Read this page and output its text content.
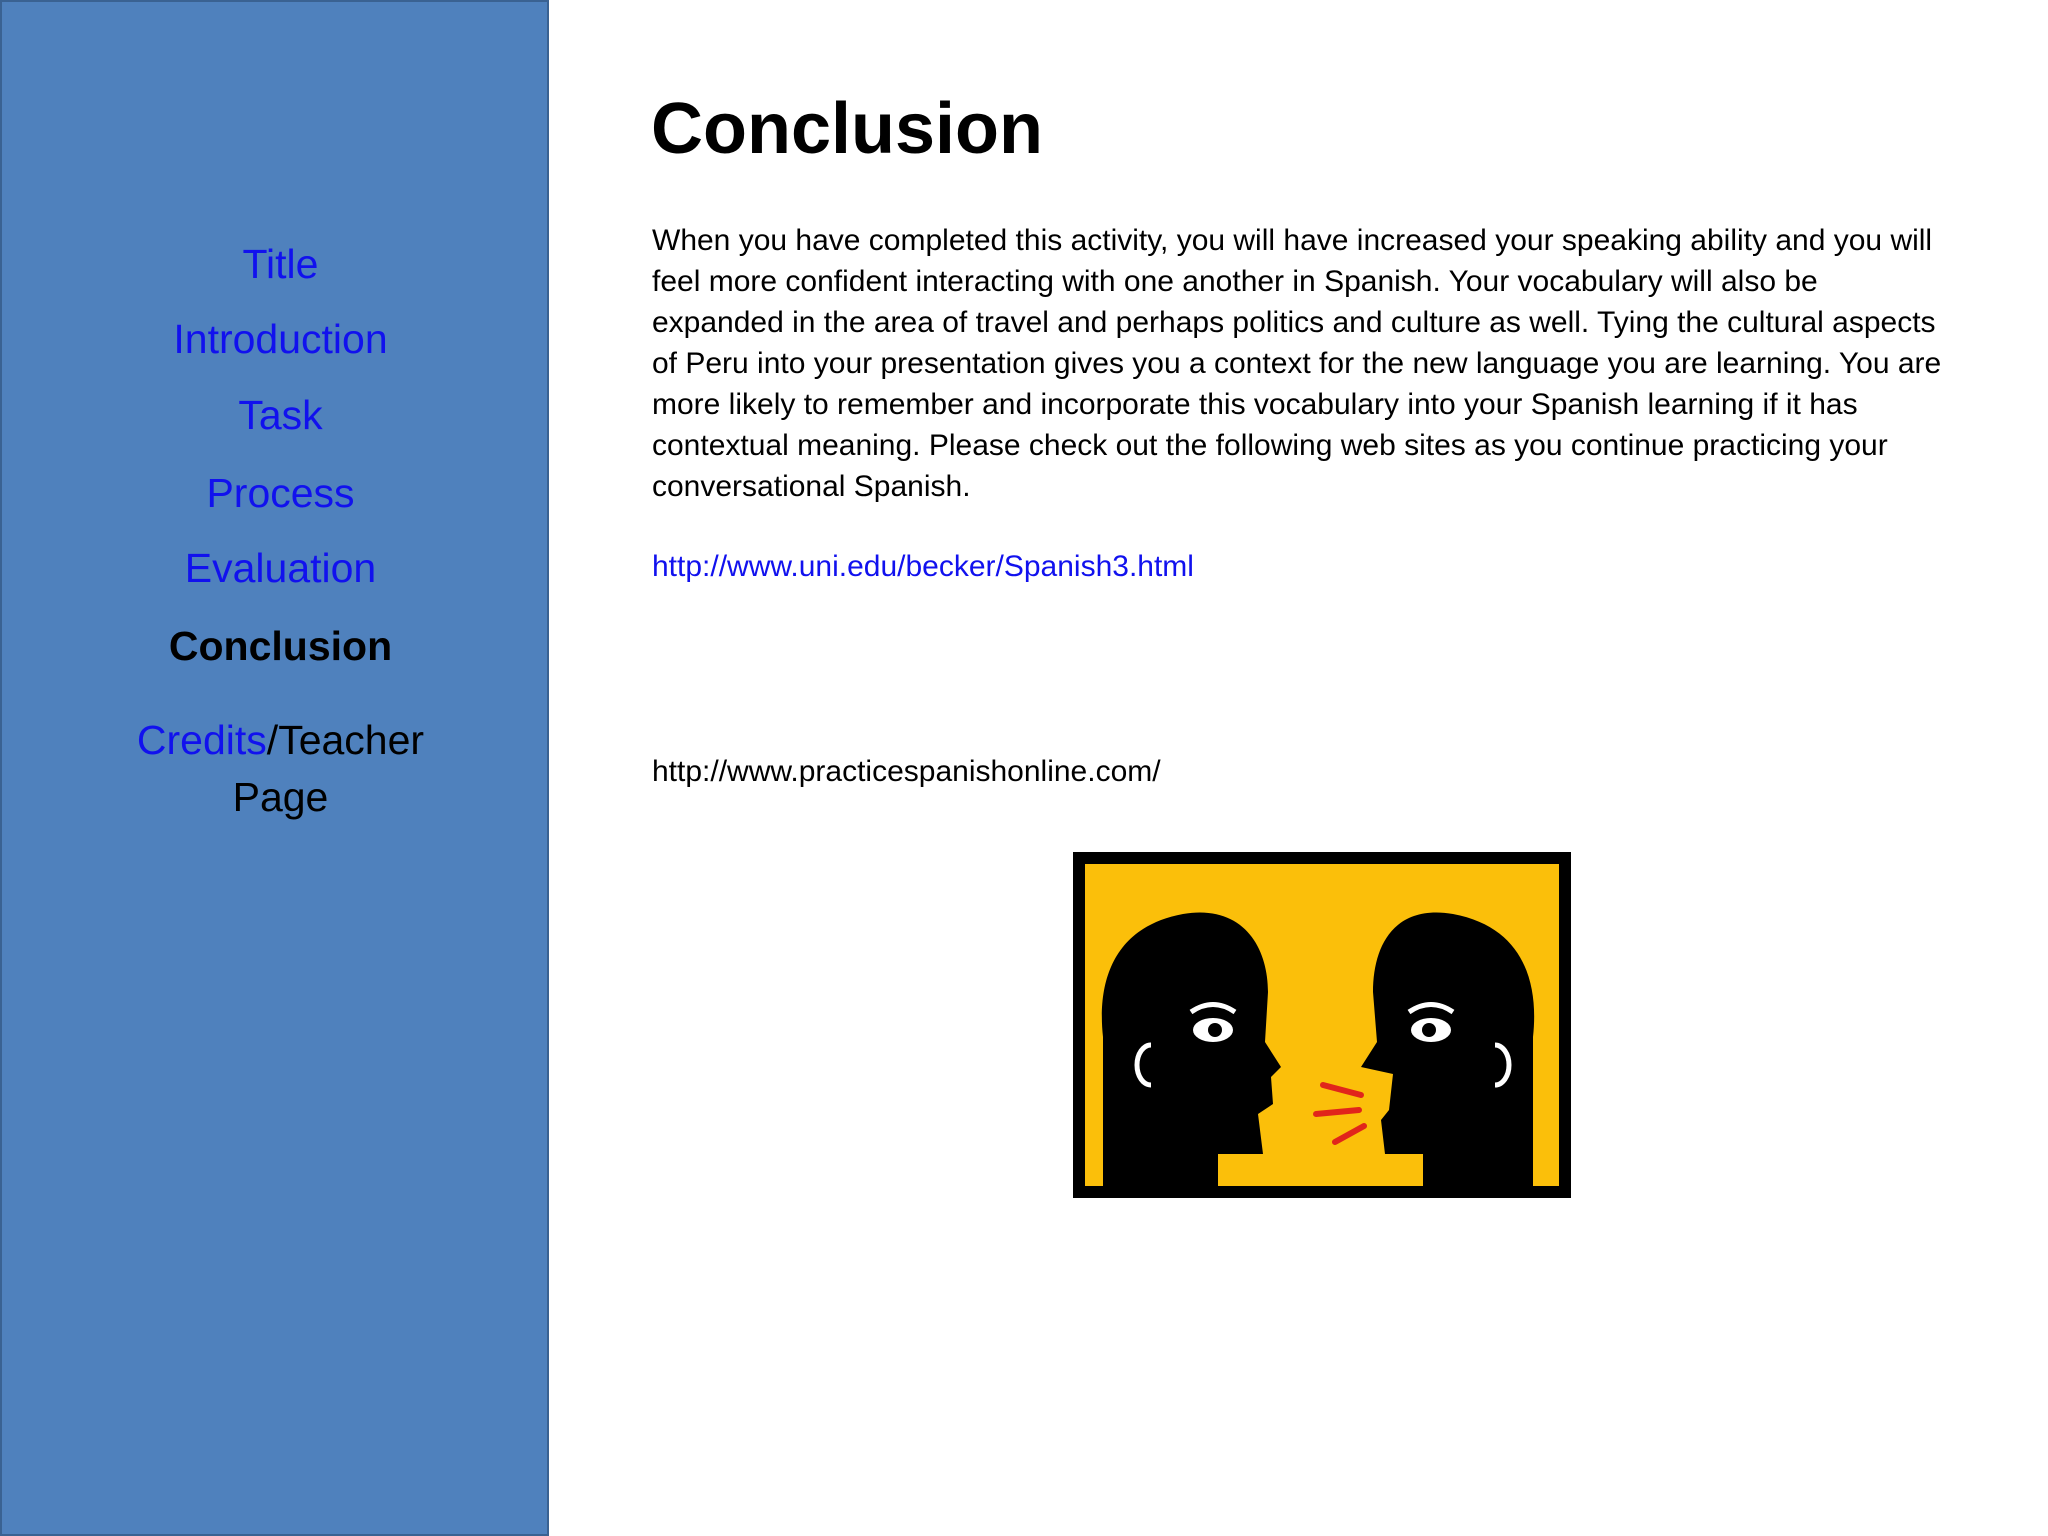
Title
Introduction
Task
Process
Evaluation
Conclusion
Credits/Teacher
Page
Conclusion

When you have completed this activity, you will have increased your speaking ability and you will feel more confident interacting with one another in Spanish. Your vocabulary will also be expanded in the area of travel and perhaps politics and culture as well. Tying the cultural aspects of Peru into your presentation gives you a context for the new language you are learning. You are more likely to remember and incorporate this vocabulary into your Spanish learning if it has contextual meaning. Please check out the following web sites as you continue practicing your conversational Spanish.

http://www.uni.edu/becker/Spanish3.html
http://www.practicespanishonline.com/
